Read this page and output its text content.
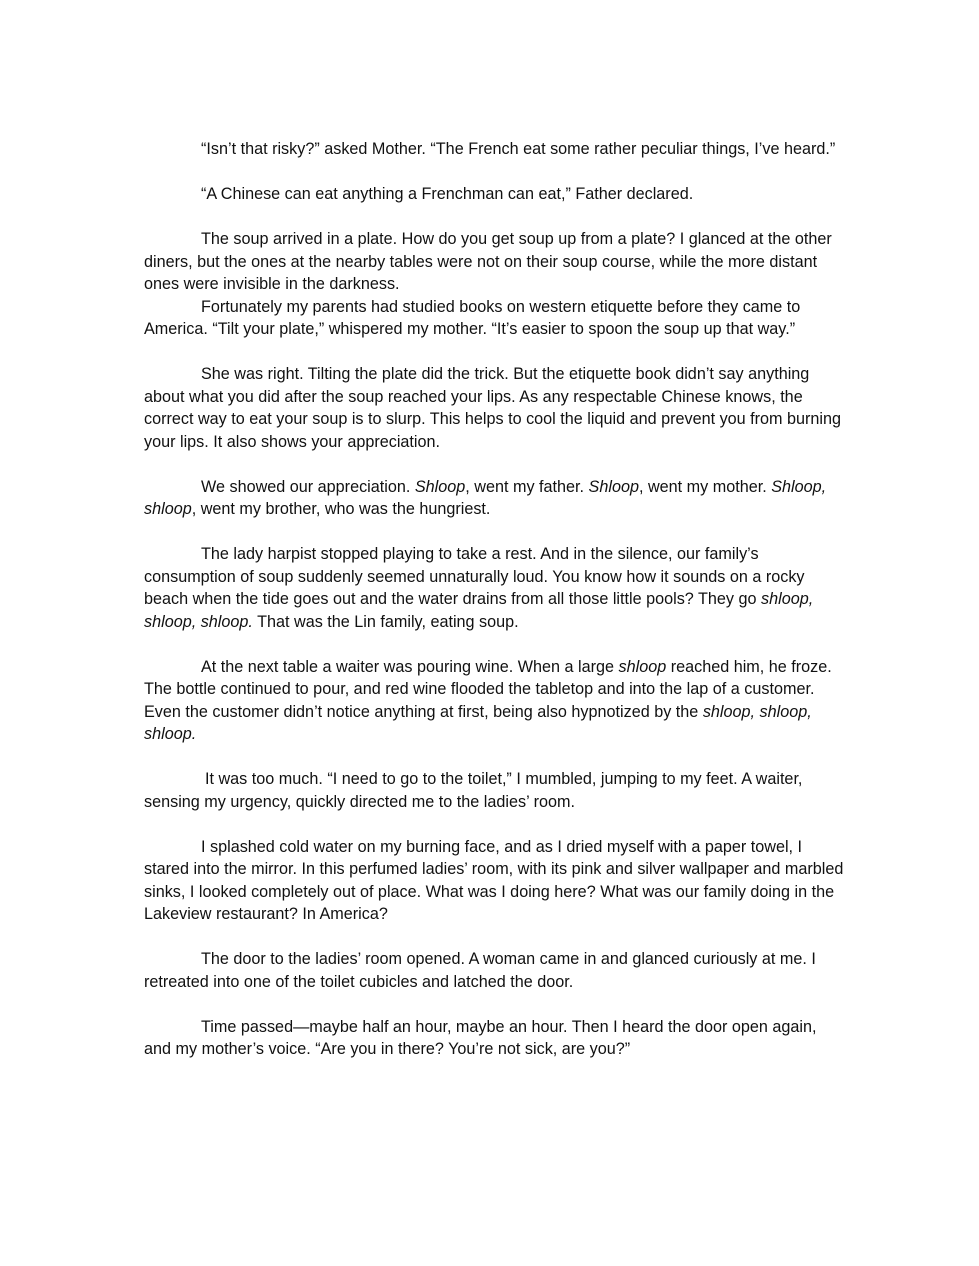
“Isn’t that risky?” asked Mother. “The French eat some rather peculiar things, I’ve heard.”

“A Chinese can eat anything a Frenchman can eat,” Father declared.

The soup arrived in a plate. How do you get soup up from a plate? I glanced at the other diners, but the ones at the nearby tables were not on their soup course, while the more distant ones were invisible in the darkness.

Fortunately my parents had studied books on western etiquette before they came to America. “Tilt your plate,” whispered my mother. “It’s easier to spoon the soup up that way.”

She was right. Tilting the plate did the trick. But the etiquette book didn’t say anything about what you did after the soup reached your lips. As any respectable Chinese knows, the correct way to eat your soup is to slurp. This helps to cool the liquid and prevent you from burning your lips. It also shows your appreciation.

We showed our appreciation. Shloop, went my father. Shloop, went my mother. Shloop, shloop, went my brother, who was the hungriest.

The lady harpist stopped playing to take a rest. And in the silence, our family’s consumption of soup suddenly seemed unnaturally loud. You know how it sounds on a rocky beach when the tide goes out and the water drains from all those little pools? They go shloop, shloop, shloop. That was the Lin family, eating soup.

At the next table a waiter was pouring wine. When a large shloop reached him, he froze. The bottle continued to pour, and red wine flooded the tabletop and into the lap of a customer. Even the customer didn’t notice anything at first, being also hypnotized by the shloop, shloop, shloop.

It was too much. “I need to go to the toilet,” I mumbled, jumping to my feet. A waiter, sensing my urgency, quickly directed me to the ladies’ room.

I splashed cold water on my burning face, and as I dried myself with a paper towel, I stared into the mirror. In this perfumed ladies’ room, with its pink and silver wallpaper and marbled sinks, I looked completely out of place. What was I doing here? What was our family doing in the Lakeview restaurant? In America?

The door to the ladies’ room opened. A woman came in and glanced curiously at me. I retreated into one of the toilet cubicles and latched the door.

Time passed—maybe half an hour, maybe an hour. Then I heard the door open again, and my mother’s voice. “Are you in there? You’re not sick, are you?”
